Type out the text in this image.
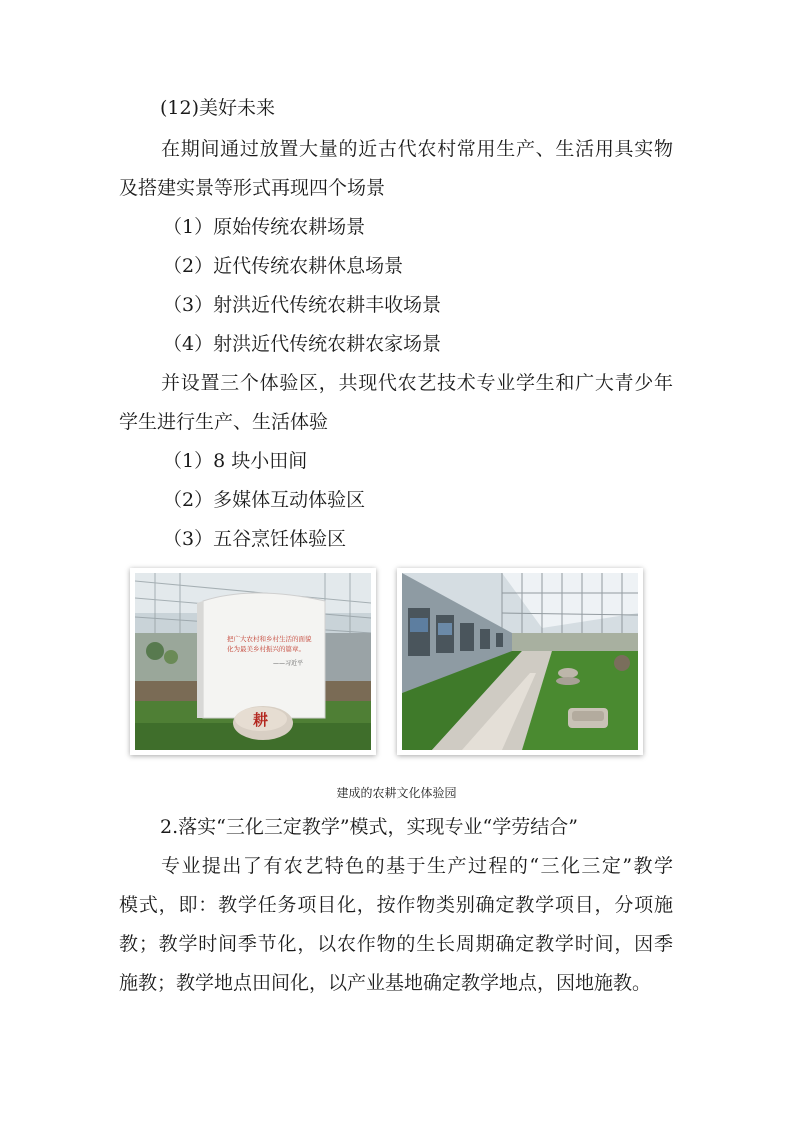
(12)美好未来
在期间通过放置大量的近古代农村常用生产、生活用具实物
及搭建实景等形式再现四个场景
（1）原始传统农耕场景
（2）近代传统农耕休息场景
（3）射洪近代传统农耕丰收场景
（4）射洪近代传统农耕农家场景
并设置三个体验区，共现代农艺技术专业学生和广大青少年
学生进行生产、生活体验
（1）8 块小田间
（2）多媒体互动体验区
（3）五谷烹饪体验区
把广大农村和乡村生活的面貌
化为最美乡村振兴的篇章。
——习近平
耕
建成的农耕文化体验园
2.落实“三化三定教学”模式，实现专业“学劳结合”
专业提出了有农艺特色的基于生产过程的“三化三定”教学
模式，即：教学任务项目化，按作物类别确定教学项目，分项施
教；教学时间季节化，以农作物的生长周期确定教学时间，因季
施教；教学地点田间化，以产业基地确定教学地点，因地施教。
